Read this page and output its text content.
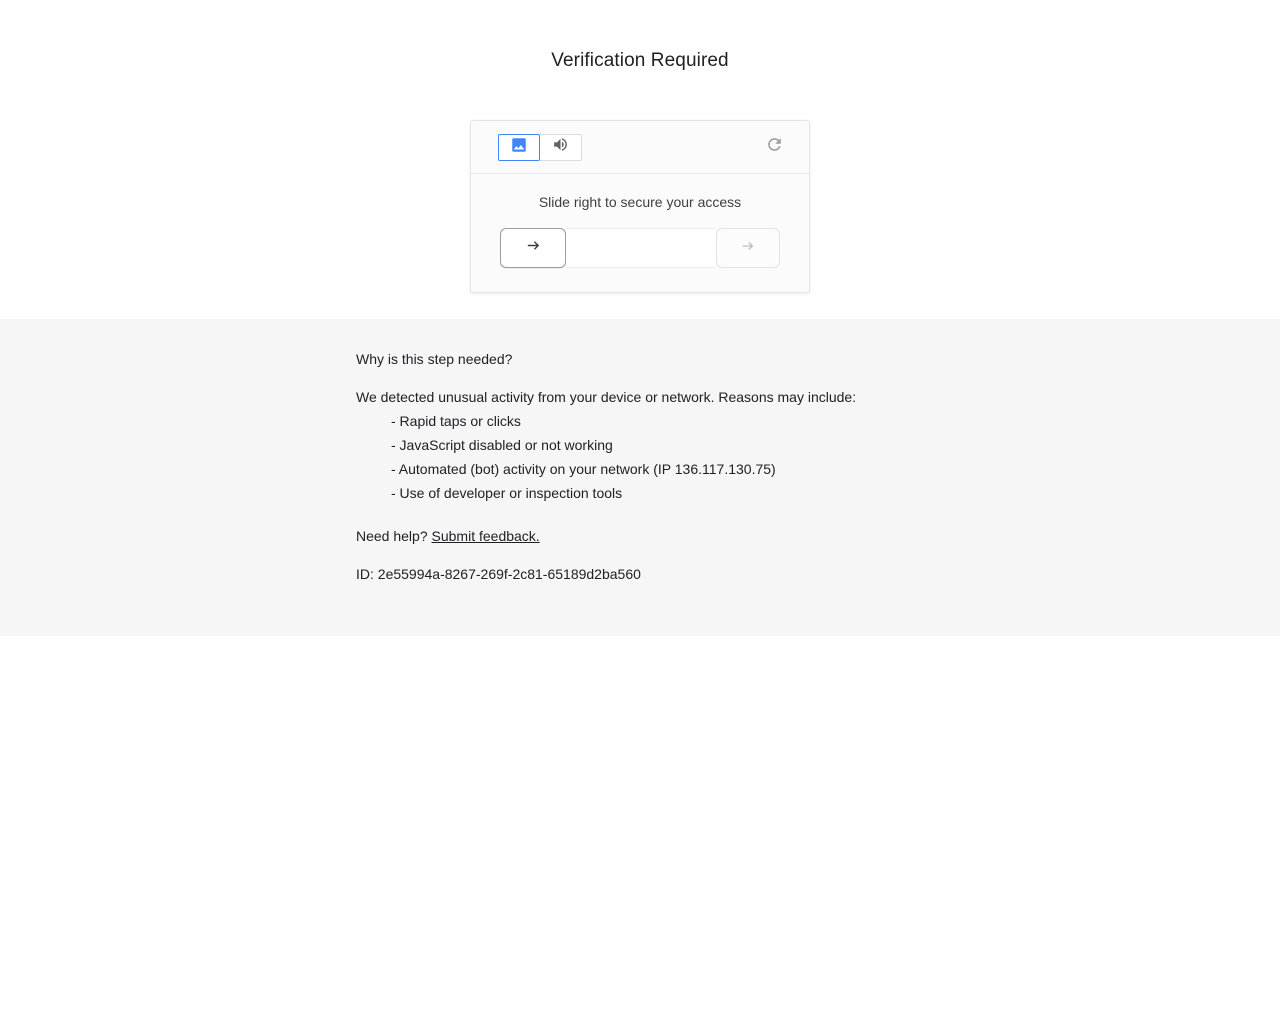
Verification Required
Slide right to secure your access

Why is this step needed?

We detected unusual activity from your device or network. Reasons may include:

- Rapid taps or clicks
- JavaScript disabled or not working
- Automated (bot) activity on your network (IP 136.117.130.75)
- Use of developer or inspection tools

Need help? Submit feedback.

ID: 2e55994a-8267-269f-2c81-65189d2ba560
